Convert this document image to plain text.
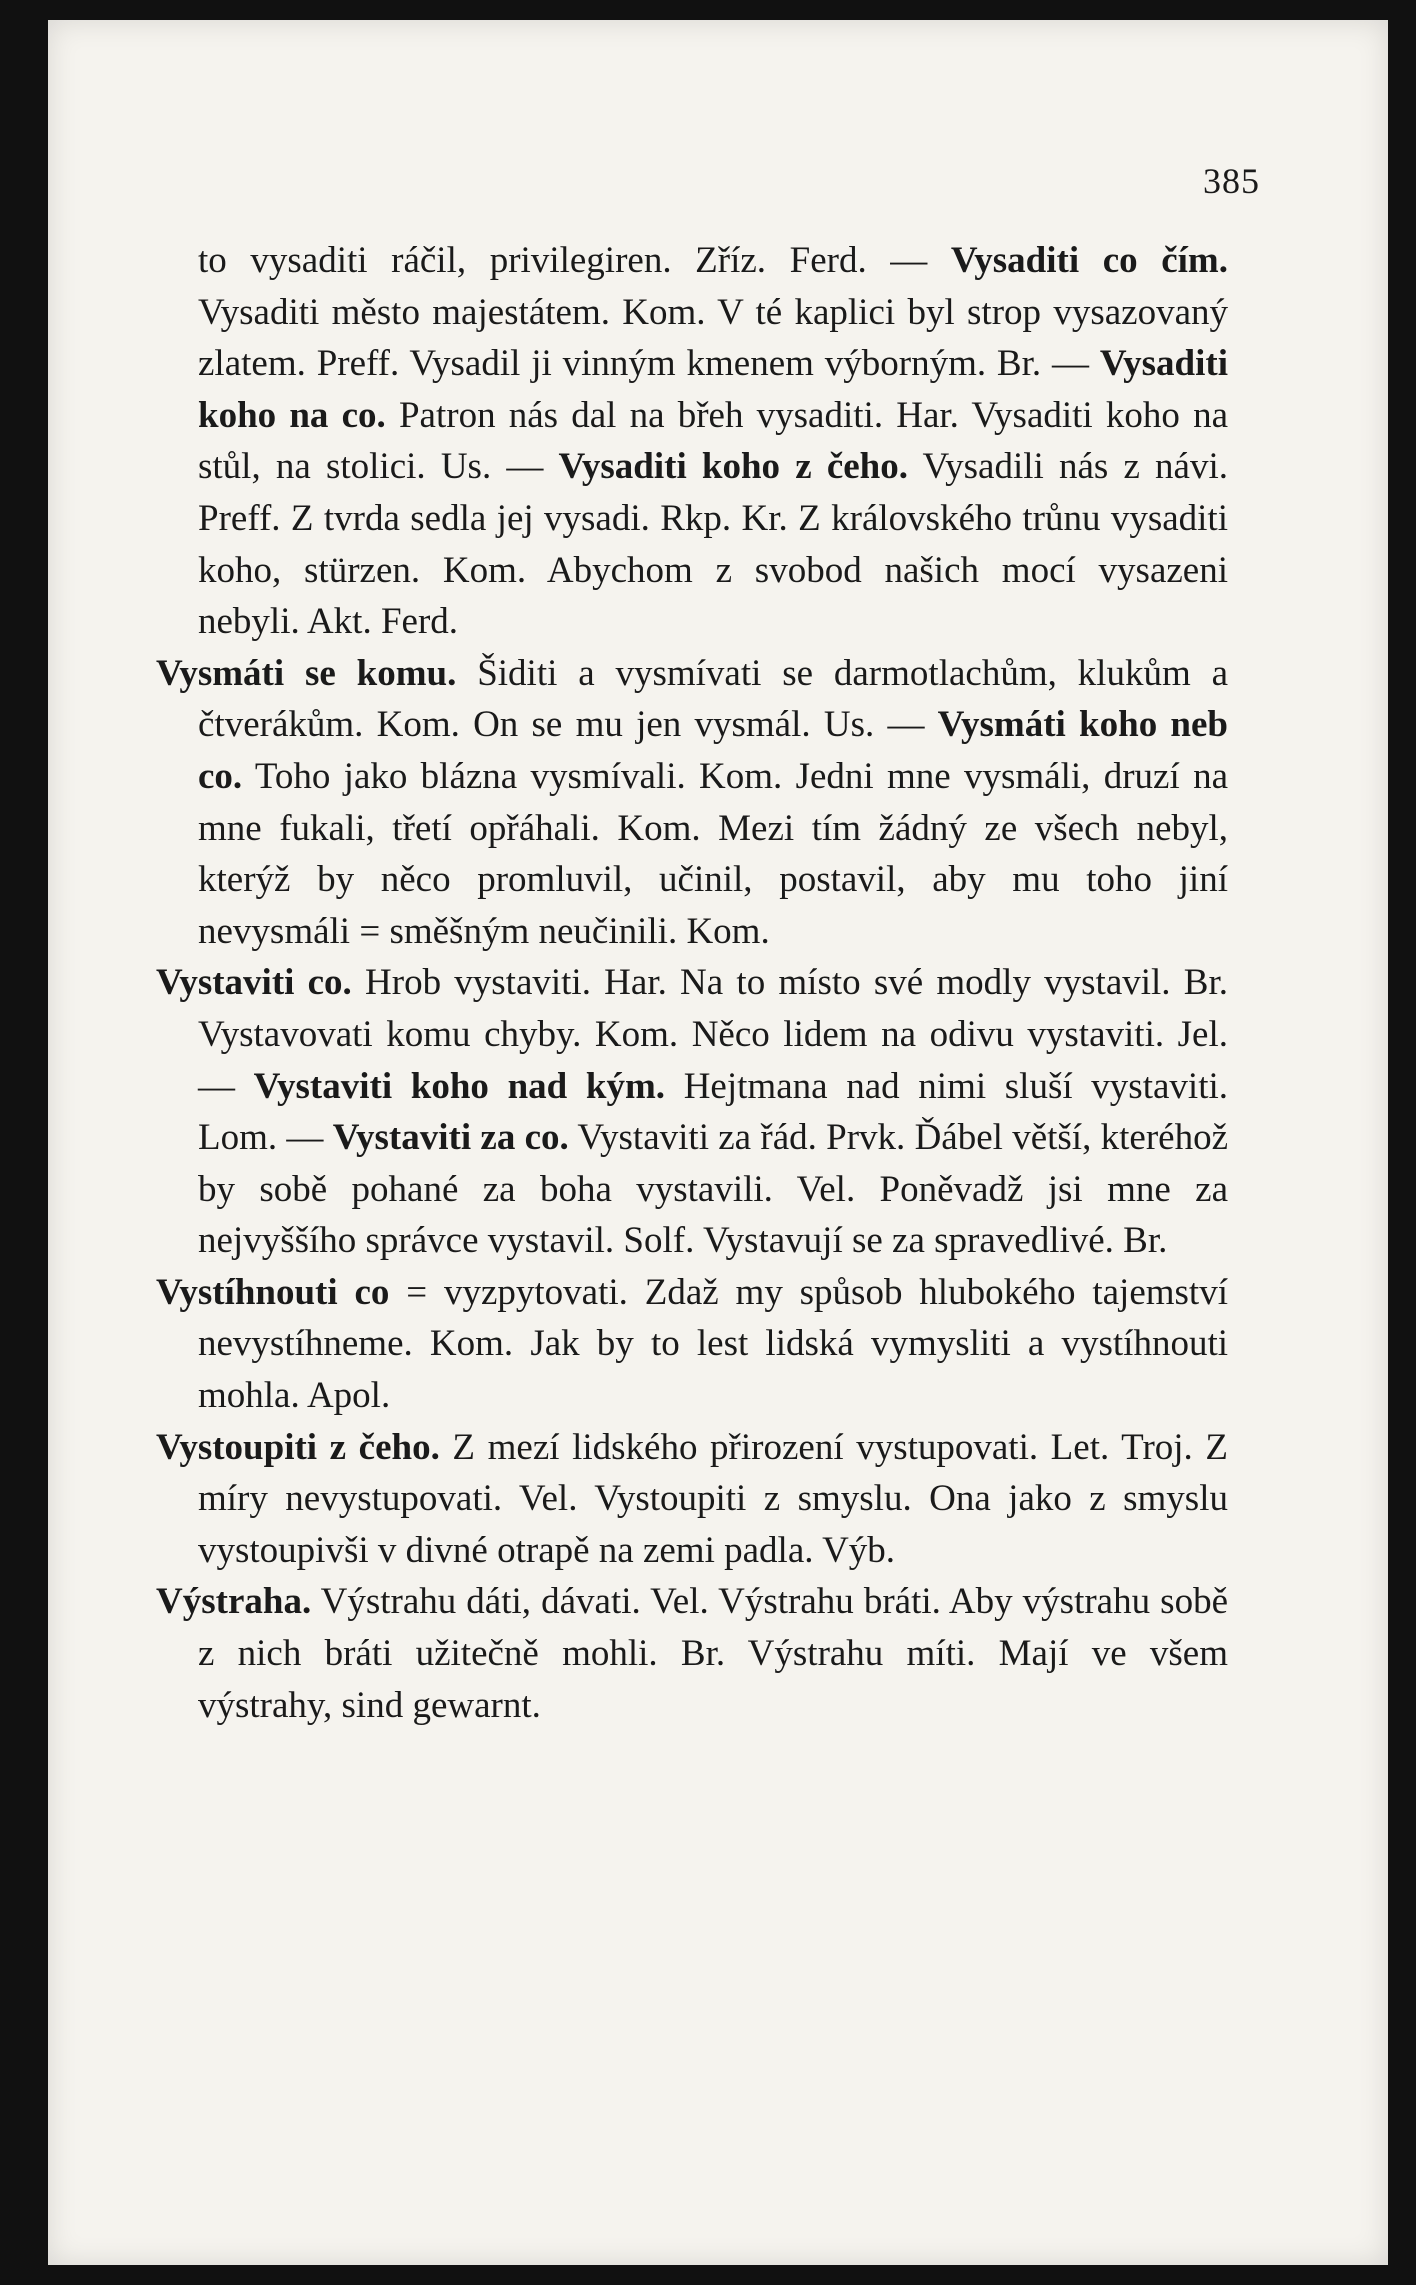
385

to vysaditi ráčil, privilegiren. Zříz. Ferd. — Vysaditi co čím. Vysaditi město majestátem. Kom. V té kaplici byl strop vysazovaný zlatem. Preff. Vysadil ji vinným kmenem výborným. Br. — Vysaditi koho na co. Patron nás dal na břeh vysaditi. Har. Vysaditi koho na stůl, na stolici. Us. — Vysaditi koho z čeho. Vysadili nás z návi. Preff. Z tvrda sedla jej vysadi. Rkp. Kr. Z královského trůnu vysaditi koho, stürzen. Kom. Abychom z svobod našich mocí vysazeni nebyli. Akt. Ferd.

Vysmáti se komu. Šiditi a vysmívati se darmotlachům, klukům a čtverákům. Kom. On se mu jen vysmál. Us. — Vysmáti koho neb co. Toho jako blázna vysmívali. Kom. Jedni mne vysmáli, druzí na mne fukali, třetí opřáhali. Kom. Mezi tím žádný ze všech nebyl, kterýž by něco promluvil, učinil, postavil, aby mu toho jiní nevysmáli = směšným neučinili. Kom.

Vystaviti co. Hrob vystaviti. Har. Na to místo své modly vystavil. Br. Vystavovati komu chyby. Kom. Něco lidem na odivu vystaviti. Jel. — Vystaviti koho nad kým. Hejtmana nad nimi sluší vystaviti. Lom. — Vystaviti za co. Vystaviti za řád. Prvk. Ďábel větší, kteréhož by sobě pohané za boha vystavili. Vel. Poněvadž jsi mne za nejvyššího správce vystavil. Solf. Vystavují se za spravedlivé. Br.

Vystíhnouti co = vyzpytovati. Zdaž my spůsob hlubokého tajemství nevystíhneme. Kom. Jak by to lest lidská vymysliti a vystíhnouti mohla. Apol.

Vystoupiti z čeho. Z mezí lidského přirození vystupovati. Let. Troj. Z míry nevystupovati. Vel. Vystoupiti z smyslu. Ona jako z smyslu vystoupivši v divné otrapě na zemi padla. Výb.

Výstraha. Výstrahu dáti, dávati. Vel. Výstrahu bráti. Aby výstrahu sobě z nich bráti užitečně mohli. Br. Výstrahu míti. Mají ve všem výstrahy, sind gewarnt.
